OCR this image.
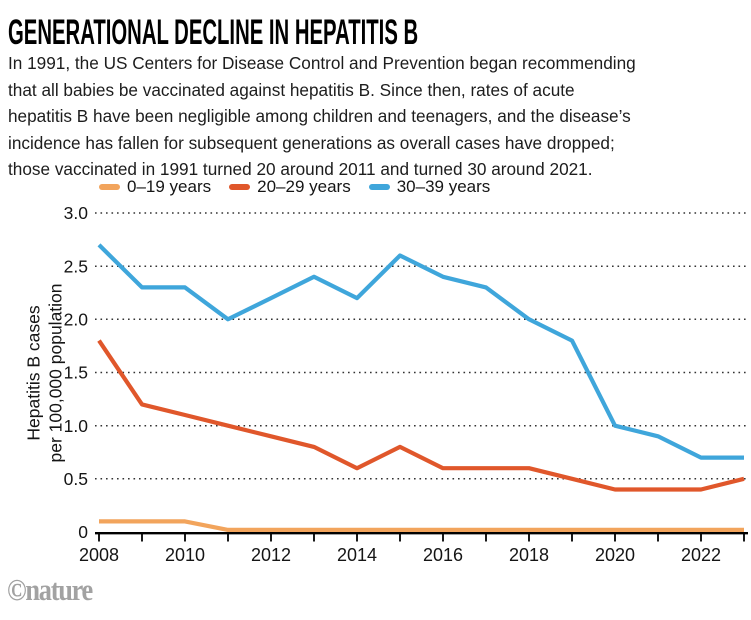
GENERATIONAL DECLINE IN HEPATITIS B
In 1991, the US Centers for Disease Control and Prevention began recommending
that all babies be vaccinated against hepatitis B. Since then, rates of acute
hepatitis B have been negligible among children and teenagers, and the disease’s
incidence has fallen for subsequent generations as overall cases have dropped;
those vaccinated in 1991 turned 20 around 2011 and turned 30 around 2021.
0–19 years	20–29 years	30–39 years
Hepatitis B cases per 100,000 population
0
0.5
1.0
1.5
2.0
2.5
3.0
2008	2010	2012	2014	2016	2018	2020	2022
©nature
